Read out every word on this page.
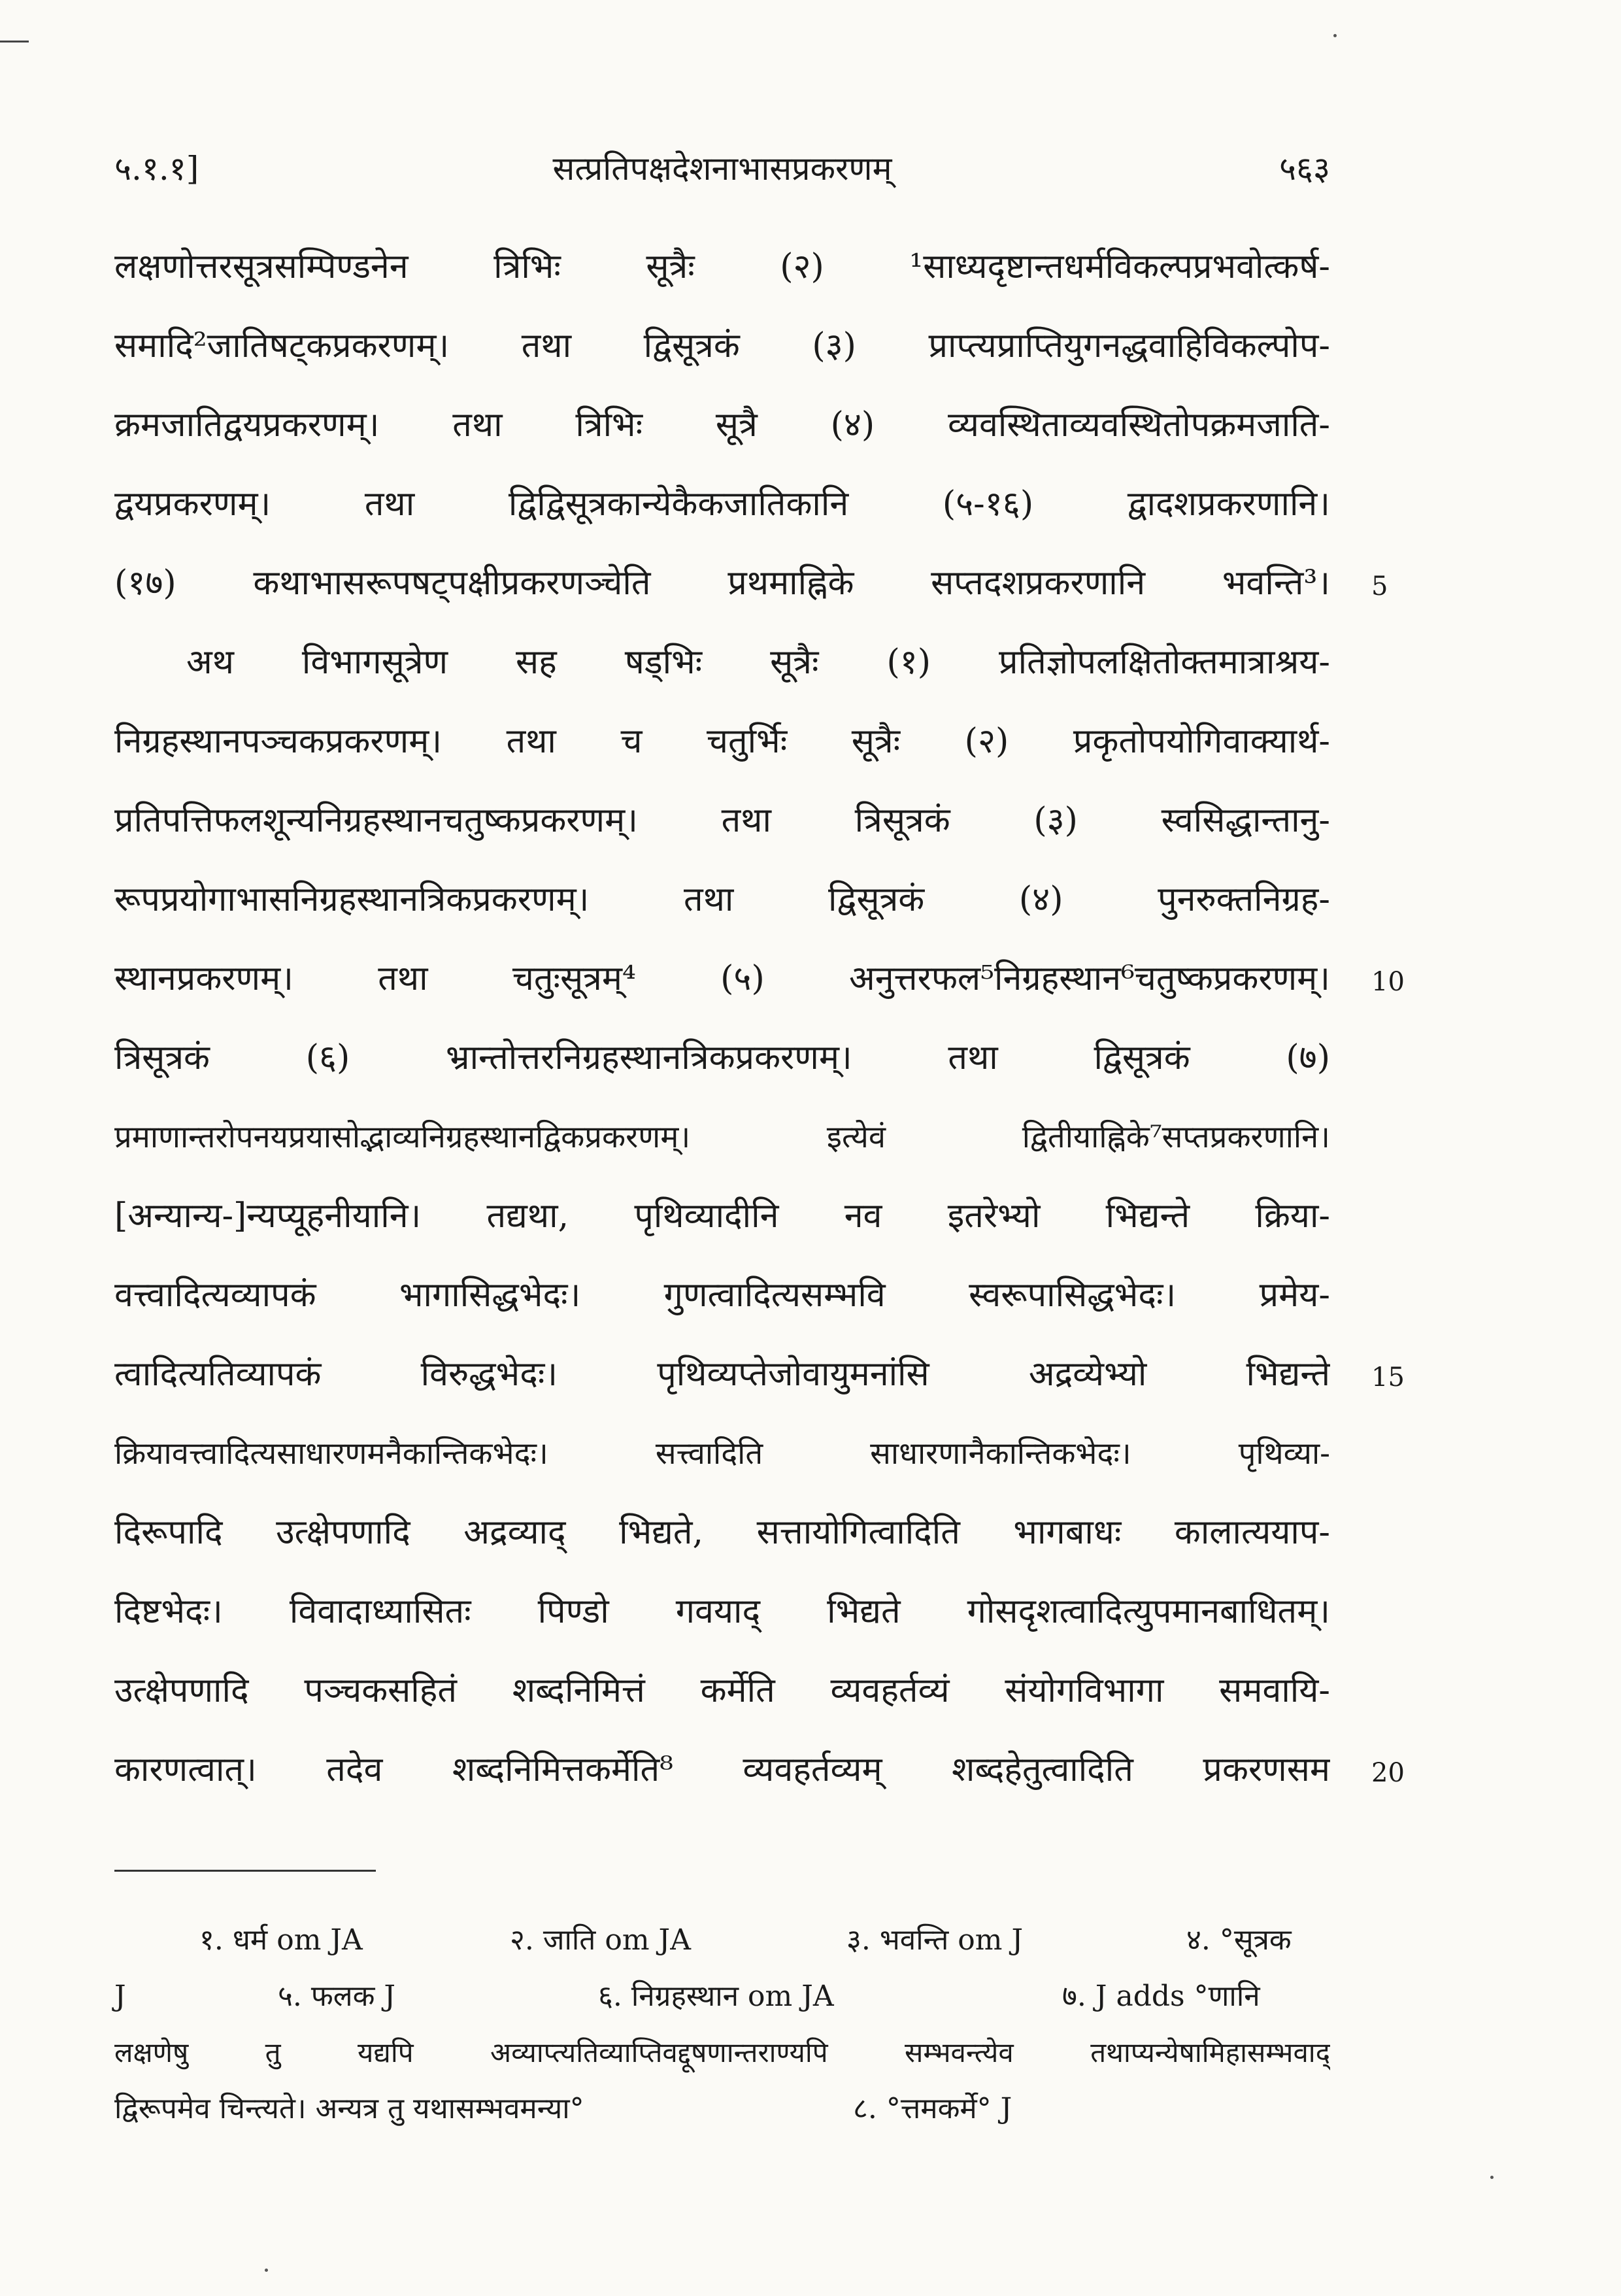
५.१.१]	सत्प्रतिपक्षदेशनाभासप्रकरणम्	५६३
लक्षणोत्तरसूत्रसम्पिण्डनेन त्रिभिः सूत्रैः (२) ¹साध्यदृष्टान्तधर्मविकल्पप्रभवोत्कर्ष-
समादि²जातिषट्कप्रकरणम्। तथा द्विसूत्रकं (३) प्राप्त्यप्राप्तियुगनद्धवाहिविकल्पोप-
क्रमजातिद्वयप्रकरणम्। तथा त्रिभिः सूत्रै (४) व्यवस्थिताव्यवस्थितोपक्रमजाति-
द्वयप्रकरणम्। तथा द्विद्विसूत्रकान्येकैकजातिकानि (५-१६) द्वादशप्रकरणानि।
(१७) कथाभासरूपषट्पक्षीप्रकरणञ्चेति प्रथमाह्निके सप्तदशप्रकरणानि भवन्ति³।
अथ विभागसूत्रेण सह षड्भिः सूत्रैः (१) प्रतिज्ञोपलक्षितोक्तमात्राश्रय-
निग्रहस्थानपञ्चकप्रकरणम्। तथा च चतुर्भिः सूत्रैः (२) प्रकृतोपयोगिवाक्यार्थ-
प्रतिपत्तिफलशून्यनिग्रहस्थानचतुष्कप्रकरणम्। तथा त्रिसूत्रकं (३) स्वसिद्धान्तानु-
रूपप्रयोगाभासनिग्रहस्थानत्रिकप्रकरणम्। तथा द्विसूत्रकं (४) पुनरुक्तनिग्रह-
स्थानप्रकरणम्। तथा चतुःसूत्रम्⁴ (५) अनुत्तरफल⁵निग्रहस्थान⁶चतुष्कप्रकरणम्।
त्रिसूत्रकं (६) भ्रान्तोत्तरनिग्रहस्थानत्रिकप्रकरणम्। तथा द्विसूत्रकं (७)
प्रमाणान्तरोपनयप्रयासोद्भाव्यनिग्रहस्थानद्विकप्रकरणम्। इत्येवं द्वितीयाह्निके⁷सप्तप्रकरणानि।
[अन्यान्य-]न्यप्यूहनीयानि। तद्यथा, पृथिव्यादीनि नव इतरेभ्यो भिद्यन्ते क्रिया-
वत्त्वादित्यव्यापकं भागासिद्धभेदः। गुणत्वादित्यसम्भवि स्वरूपासिद्धभेदः। प्रमेय-
त्वादित्यतिव्यापकं विरुद्धभेदः। पृथिव्यप्तेजोवायुमनांसि अद्रव्येभ्यो भिद्यन्ते
क्रियावत्त्वादित्यसाधारणमनैकान्तिकभेदः। सत्त्वादिति साधारणानैकान्तिकभेदः। पृथिव्या-
दिरूपादि उत्क्षेपणादि अद्रव्याद् भिद्यते, सत्तायोगित्वादिति भागबाधः कालात्ययाप-
दिष्टभेदः। विवादाध्यासितः पिण्डो गवयाद् भिद्यते गोसदृशत्वादित्युपमानबाधितम्।
उत्क्षेपणादि पञ्चकसहितं शब्दनिमित्तं कर्मेति व्यवहर्तव्यं संयोगविभागा समवायि-
कारणत्वात्। तदेव शब्दनिमित्तकर्मेति⁸ व्यवहर्तव्यम् शब्दहेतुत्वादिति प्रकरणसम
5
10
15
20
१. धर्म om JA	२. जाति om JA	३. भवन्ति om J	४. °सूत्रक
J	५. फलक J	६. निग्रहस्थान om JA	७. J adds °णानि
लक्षणेषु तु यद्यपि अव्याप्त्यतिव्याप्तिवद्दूषणान्तराण्यपि सम्भवन्त्येव तथाप्यन्येषामिहासम्भवाद्
द्विरूपमेव चिन्त्यते। अन्यत्र तु यथासम्भवमन्या°	८. °त्तमकर्मे° J
